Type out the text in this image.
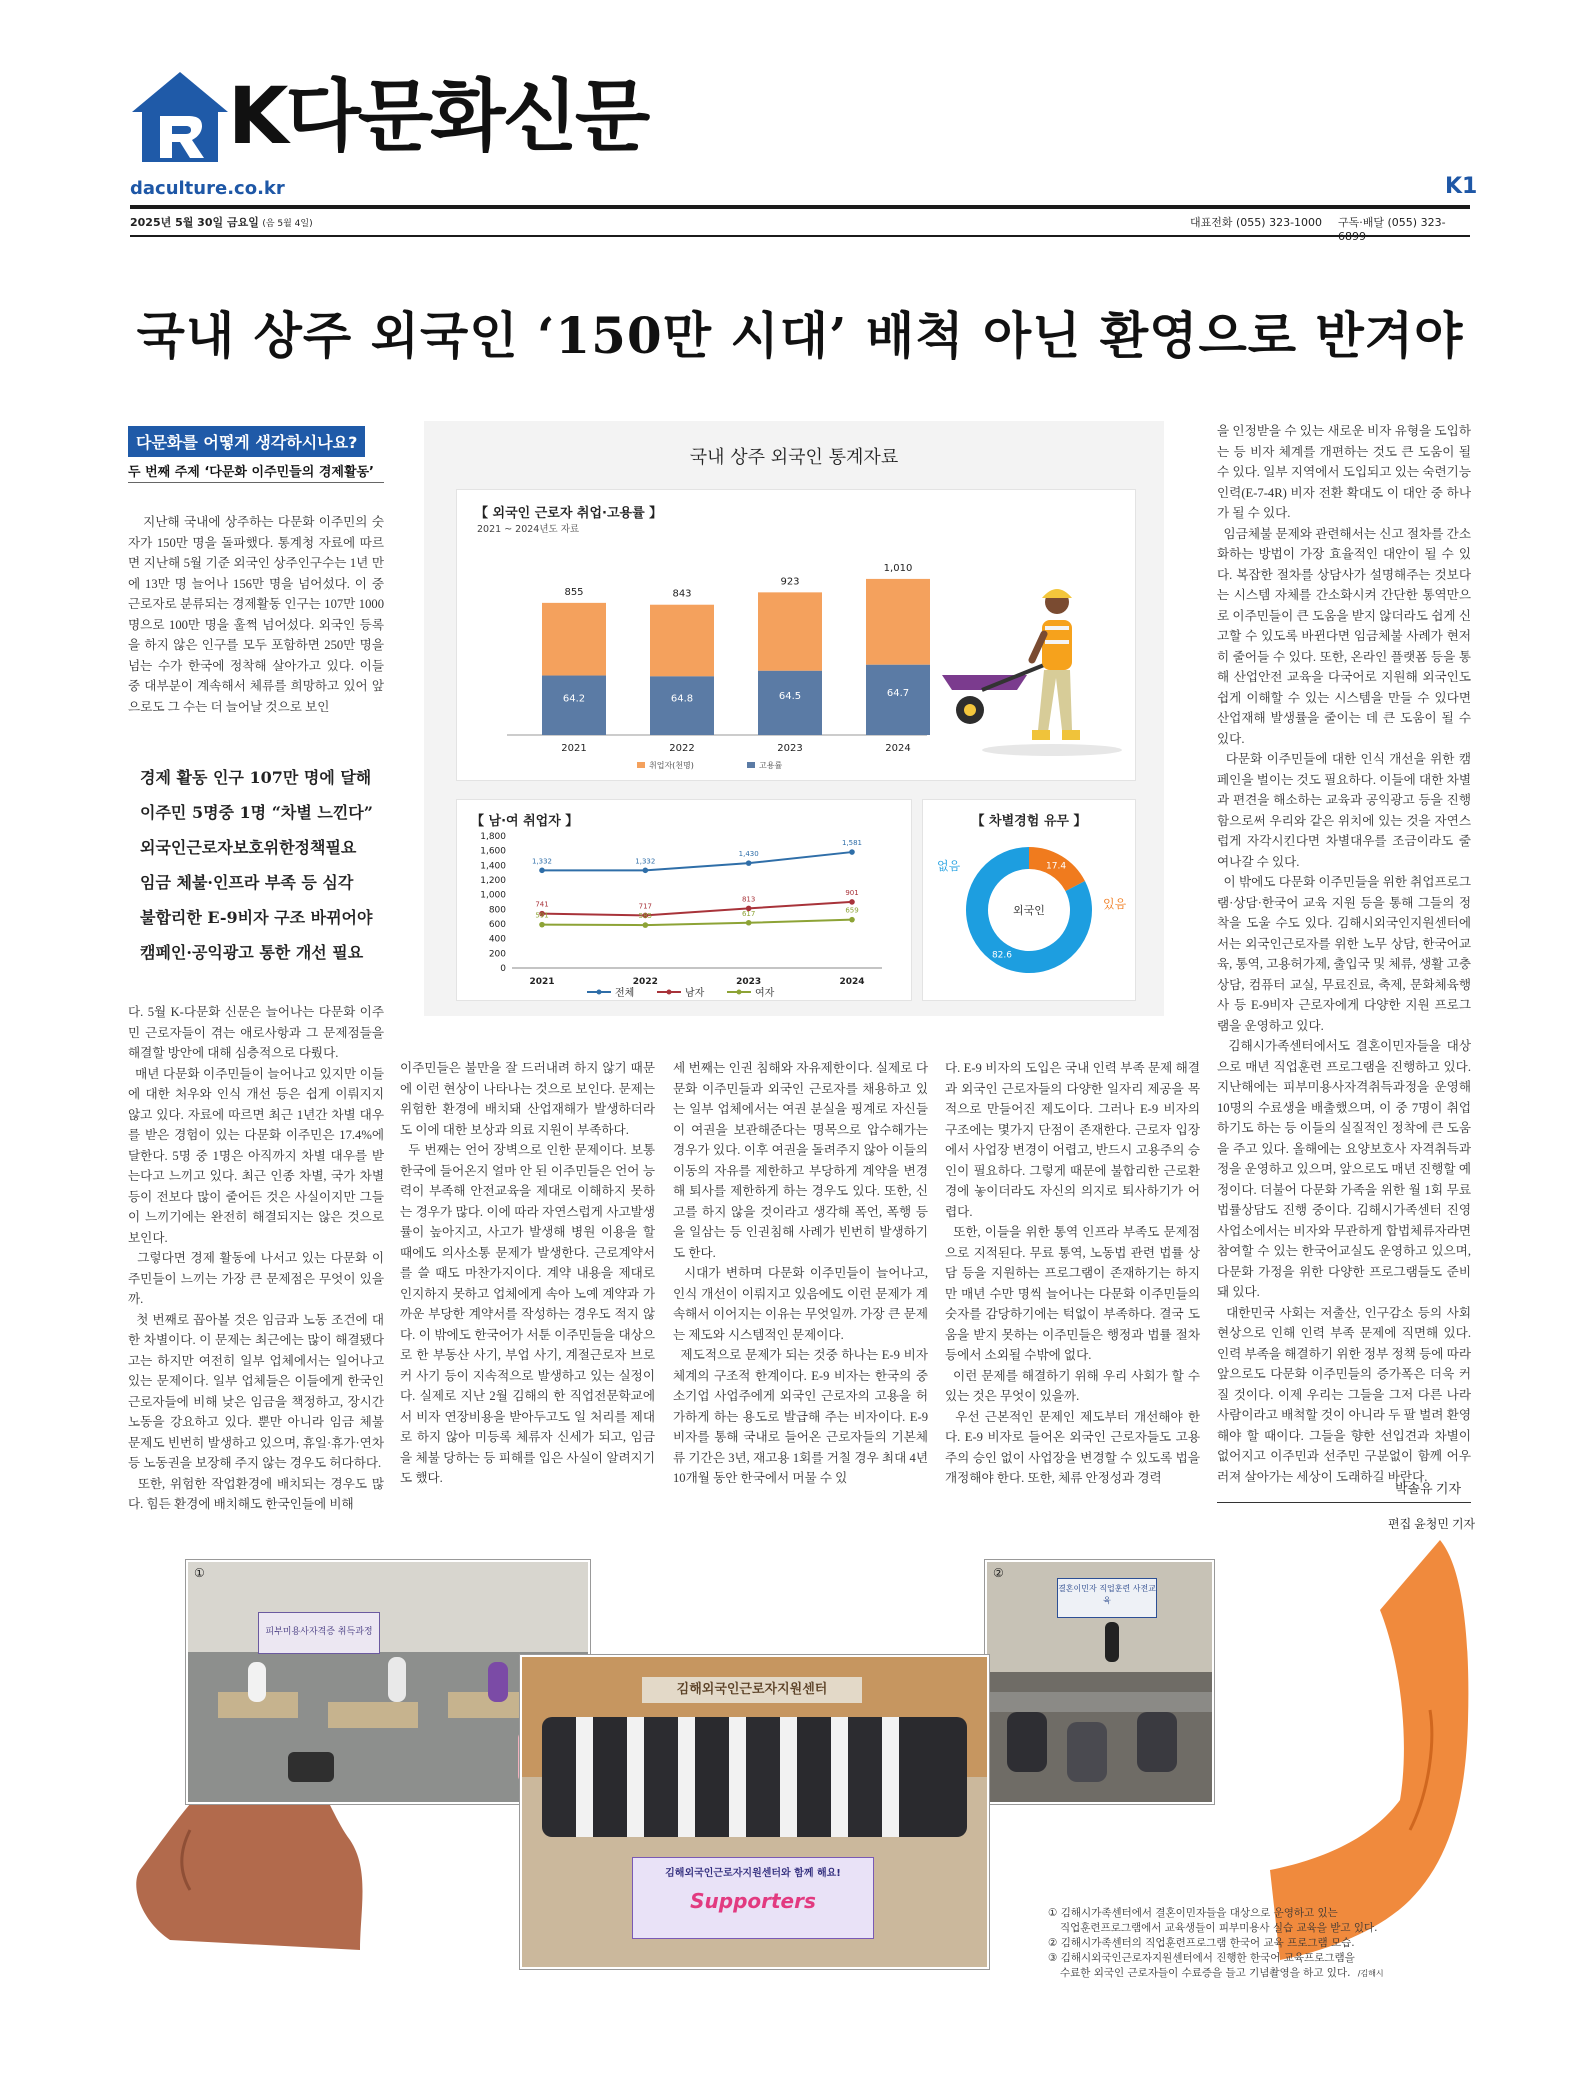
K다문화신문
daculture.co.kr	K1
2025년 5월 30일 금요일 (음 5월 4일)	대표전화 (055) 323-1000 구독·배달 (055) 323-
국내 상주 외국인 ‘150만 시대’ 배척 아닌 환영으로 반겨야
다문화를 어떻게 생각하시나요?
두 번째 주제 ‘다문화 이주민들의 경제활동’

지난해 국내에 상주하는 다문화 이주민의 숫자가 150만 명을 돌파했다. 통계청 자료에 따르면 지난해 5월 기준 외국인 상주인구수는 1년 만에 13만 명 늘어나 156만 명을 넘어섰다. 이 중 근로자로 분류되는 경제활동 인구는 107만 1000명으로 100만 명을 훌쩍 넘어섰다. 외국인 등록을 하지 않은 인구를 모두 포함하면 250만 명을 넘는 수가 한국에 정착해 살아가고 있다. 이들 중 대부분이 계속해서 체류를 희망하고 있어 앞으로도 그 수는 더 늘어날 것으로 보인

경제 활동 인구 107만 명에 달해
이주민 5명중 1명 “차별 느낀다”
외국인근로자보호위한정책필요
임금 체불·인프라 부족 등 심각
불합리한 E-9비자 구조 바뀌어야
캠페인·공익광고 통한 개선 필요
국내 상주 외국인 통계자료
【 외국인 근로자 취업·고용률 】
2021 ~ 2024년도 자료
855
64.2
2021
843
64.8
2022
923
64.5
2023
1,010
64.7
2024
취업자(천명)	고용률
【 남·여 취업자 】
0
200
400
600
800
1,000
1,200
1,400
1,600
1,800
2021	2022	2023	2024
1,332	1,332
1,430
1,581
741	717
813
901
591	585	617	659
전체	남자	여자
【 차별경험 유무 】
17.4
82.6
외국인
없음
있음

다. 5월 K-다문화 신문은 늘어나는 다문화 이주민 근로자들이 겪는 애로사항과 그 문제점들을 해결할 방안에 대해 심층적으로 다뤘다.
매년 다문화 이주민들이 늘어나고 있지만 이들에 대한 처우와 인식 개선 등은 쉽게 이뤄지지 않고 있다. 자료에 따르면 최근 1년간 차별 대우를 받은 경험이 있는 다문화 이주민은 17.4%에 달한다. 5명 중 1명은 아직까지 차별 대우를 받는다고 느끼고 있다. 최근 인종 차별, 국가 차별 등이 전보다 많이 줄어든 것은 사실이지만 그들이 느끼기에는 완전히 해결되지는 않은 것으로 보인다.
그렇다면 경제 활동에 나서고 있는 다문화 이주민들이 느끼는 가장 큰 문제점은 무엇이 있을까.
첫 번째로 꼽아볼 것은 임금과 노동 조건에 대한 차별이다. 이 문제는 최근에는 많이 해결됐다고는 하지만 여전히 일부 업체에서는 일어나고 있는 문제이다. 일부 업체들은 이들에게 한국인 근로자들에 비해 낮은 임금을 책정하고, 장시간 노동을 강요하고 있다. 뿐만 아니라 임금 체불 문제도 빈번히 발생하고 있으며, 휴일·휴가·연차 등 노동권을 보장해 주지 않는 경우도 허다하다.
또한, 위험한 작업환경에 배치되는 경우도 많다. 힘든 환경에 배치해도 한국인들에 비해

이주민들은 불만을 잘 드러내려 하지 않기 때문에 이런 현상이 나타나는 것으로 보인다. 문제는 위험한 환경에 배치돼 산업재해가 발생하더라도 이에 대한 보상과 의료 지원이 부족하다.
두 번째는 언어 장벽으로 인한 문제이다. 보통 한국에 들어온지 얼마 안 된 이주민들은 언어 능력이 부족해 안전교육을 제대로 이해하지 못하는 경우가 많다. 이에 따라 자연스럽게 사고발생률이 높아지고, 사고가 발생해 병원 이용을 할 때에도 의사소통 문제가 발생한다. 근로계약서를 쓸 때도 마찬가지이다. 계약 내용을 제대로 인지하지 못하고 업체에게 속아 노예 계약과 가까운 부당한 계약서를 작성하는 경우도 적지 않다. 이 밖에도 한국어가 서툰 이주민들을 대상으로 한 부동산 사기, 부업 사기, 계절근로자 브로커 사기 등이 지속적으로 발생하고 있는 실정이다. 실제로 지난 2월 김해의 한 직업전문학교에서 비자 연장비용을 받아두고도 일 처리를 제대로 하지 않아 미등록 체류자 신세가 되고, 임금을 체불 당하는 등 피해를 입은 사실이 알려지기도 했다.

세 번째는 인권 침해와 자유제한이다. 실제로 다문화 이주민들과 외국인 근로자를 채용하고 있는 일부 업체에서는 여권 분실을 핑계로 자신들이 여권을 보관해준다는 명목으로 압수해가는 경우가 있다. 이후 여권을 돌려주지 않아 이들의 이동의 자유를 제한하고 부당하게 계약을 변경해 퇴사를 제한하게 하는 경우도 있다. 또한, 신고를 하지 않을 것이라고 생각해 폭언, 폭행 등을 일삼는 등 인권침해 사례가 빈번히 발생하기도 한다.
시대가 변하며 다문화 이주민들이 늘어나고, 인식 개선이 이뤄지고 있음에도 이런 문제가 계속해서 이어지는 이유는 무엇일까. 가장 큰 문제는 제도와 시스템적인 문제이다.
제도적으로 문제가 되는 것중 하나는 E-9 비자 체계의 구조적 한계이다. E-9 비자는 한국의 중소기업 사업주에게 외국인 근로자의 고용을 허가하게 하는 용도로 발급해 주는 비자이다. E-9 비자를 통해 국내로 들어온 근로자들의 기본체류 기간은 3년, 재고용 1회를 거칠 경우 최대 4년 10개월 동안 한국에서 머물 수 있

다. E-9 비자의 도입은 국내 인력 부족 문제 해결과 외국인 근로자들의 다양한 일자리 제공을 목적으로 만들어진 제도이다. 그러나 E-9 비자의 구조에는 몇가지 단점이 존재한다. 근로자 입장에서 사업장 변경이 어렵고, 반드시 고용주의 승인이 필요하다. 그렇게 때문에 불합리한 근로환경에 놓이더라도 자신의 의지로 퇴사하기가 어렵다.
또한, 이들을 위한 통역 인프라 부족도 문제점으로 지적된다. 무료 통역, 노동법 관련 법률 상담 등을 지원하는 프로그램이 존재하기는 하지만 매년 수만 명씩 늘어나는 다문화 이주민들의 숫자를 감당하기에는 턱없이 부족하다. 결국 도움을 받지 못하는 이주민들은 행정과 법률 절차 등에서 소외될 수밖에 없다.
이런 문제를 해결하기 위해 우리 사회가 할 수 있는 것은 무엇이 있을까.
우선 근본적인 문제인 제도부터 개선해야 한다. E-9 비자로 들어온 외국인 근로자들도 고용주의 승인 없이 사업장을 변경할 수 있도록 법을 개정해야 한다. 또한, 체류 안정성과 경력

을 인정받을 수 있는 새로운 비자 유형을 도입하는 등 비자 체계를 개편하는 것도 큰 도움이 될 수 있다. 일부 지역에서 도입되고 있는 숙련기능인력(E-7-4R) 비자 전환 확대도 이 대안 중 하나가 될 수 있다.
임금체불 문제와 관련해서는 신고 절차를 간소화하는 방법이 가장 효율적인 대안이 될 수 있다. 복잡한 절차를 상담사가 설명해주는 것보다는 시스템 자체를 간소화시켜 간단한 통역만으로 이주민들이 큰 도움을 받지 않더라도 쉽게 신고할 수 있도록 바뀐다면 임금체불 사례가 현저히 줄어들 수 있다. 또한, 온라인 플랫폼 등을 통해 산업안전 교육을 다국어로 지원해 외국인도 쉽게 이해할 수 있는 시스템을 만들 수 있다면 산업재해 발생률을 줄이는 데 큰 도움이 될 수 있다.
다문화 이주민들에 대한 인식 개선을 위한 캠페인을 벌이는 것도 필요하다. 이들에 대한 차별과 편견을 해소하는 교육과 공익광고 등을 진행함으로써 우리와 같은 위치에 있는 것을 자연스럽게 자각시킨다면 차별대우를 조금이라도 줄여나갈 수 있다.
이 밖에도 다문화 이주민들을 위한 취업프로그램·상담·한국어 교육 지원 등을 통해 그들의 정착을 도울 수도 있다. 김해시외국인지원센터에서는 외국인근로자를 위한 노무 상담, 한국어교육, 통역, 고용허가제, 출입국 및 체류, 생활 고충상담, 컴퓨터 교실, 무료진료, 축제, 문화체육행사 등 E-9비자 근로자에게 다양한 지원 프로그램을 운영하고 있다.
김해시가족센터에서도 결혼이민자들을 대상으로 매년 직업훈련 프로그램을 진행하고 있다. 지난해에는 피부미용사자격취득과정을 운영해 10명의 수료생을 배출했으며, 이 중 7명이 취업하기도 하는 등 이들의 실질적인 정착에 큰 도움을 주고 있다. 올해에는 요양보호사 자격취득과정을 운영하고 있으며, 앞으로도 매년 진행할 예정이다. 더불어 다문화 가족을 위한 월 1회 무료법률상담도 진행 중이다. 김해시가족센터 진영사업소에서는 비자와 무관하게 합법체류자라면 참여할 수 있는 한국어교실도 운영하고 있으며, 다문화 가정을 위한 다양한 프로그램들도 준비돼 있다.
대한민국 사회는 저출산, 인구감소 등의 사회 현상으로 인해 인력 부족 문제에 직면해 있다. 인력 부족을 해결하기 위한 정부 정책 등에 따라 앞으로도 다문화 이주민들의 증가폭은 더욱 커질 것이다. 이제 우리는 그들을 그저 다른 나라 사람이라고 배척할 것이 아니라 두 팔 벌려 환영해야 할 때이다. 그들을 향한 선입견과 차별이 없어지고 이주민과 선주민 구분없이 함께 어우러져 살아가는 세상이 도래하길 바란다.

박솔유 기자
편집 윤청민 기자
피부미용사자격증 취득과정
①
결혼이민자 직업훈련 사전교육
②
김해외국인근로자지원센터
김해외국인근로자지원센터와 함께 해요!
Supporters	① 김해시가족센터에서 결혼이민자들을 대상으로 운영하고 있는
직업훈련프로그램에서 교육생들이 피부미용사 실습 교육을 받고 있다.
② 김해시가족센터의 직업훈련프로그램 한국어 교육 프로그램 모습.
③ 김해시외국인근로자지원센터에서 진행한 한국어 교육프로그램을
수료한 외국인 근로자들이 수료증을 들고 기념촬영을 하고 있다. /김해시
